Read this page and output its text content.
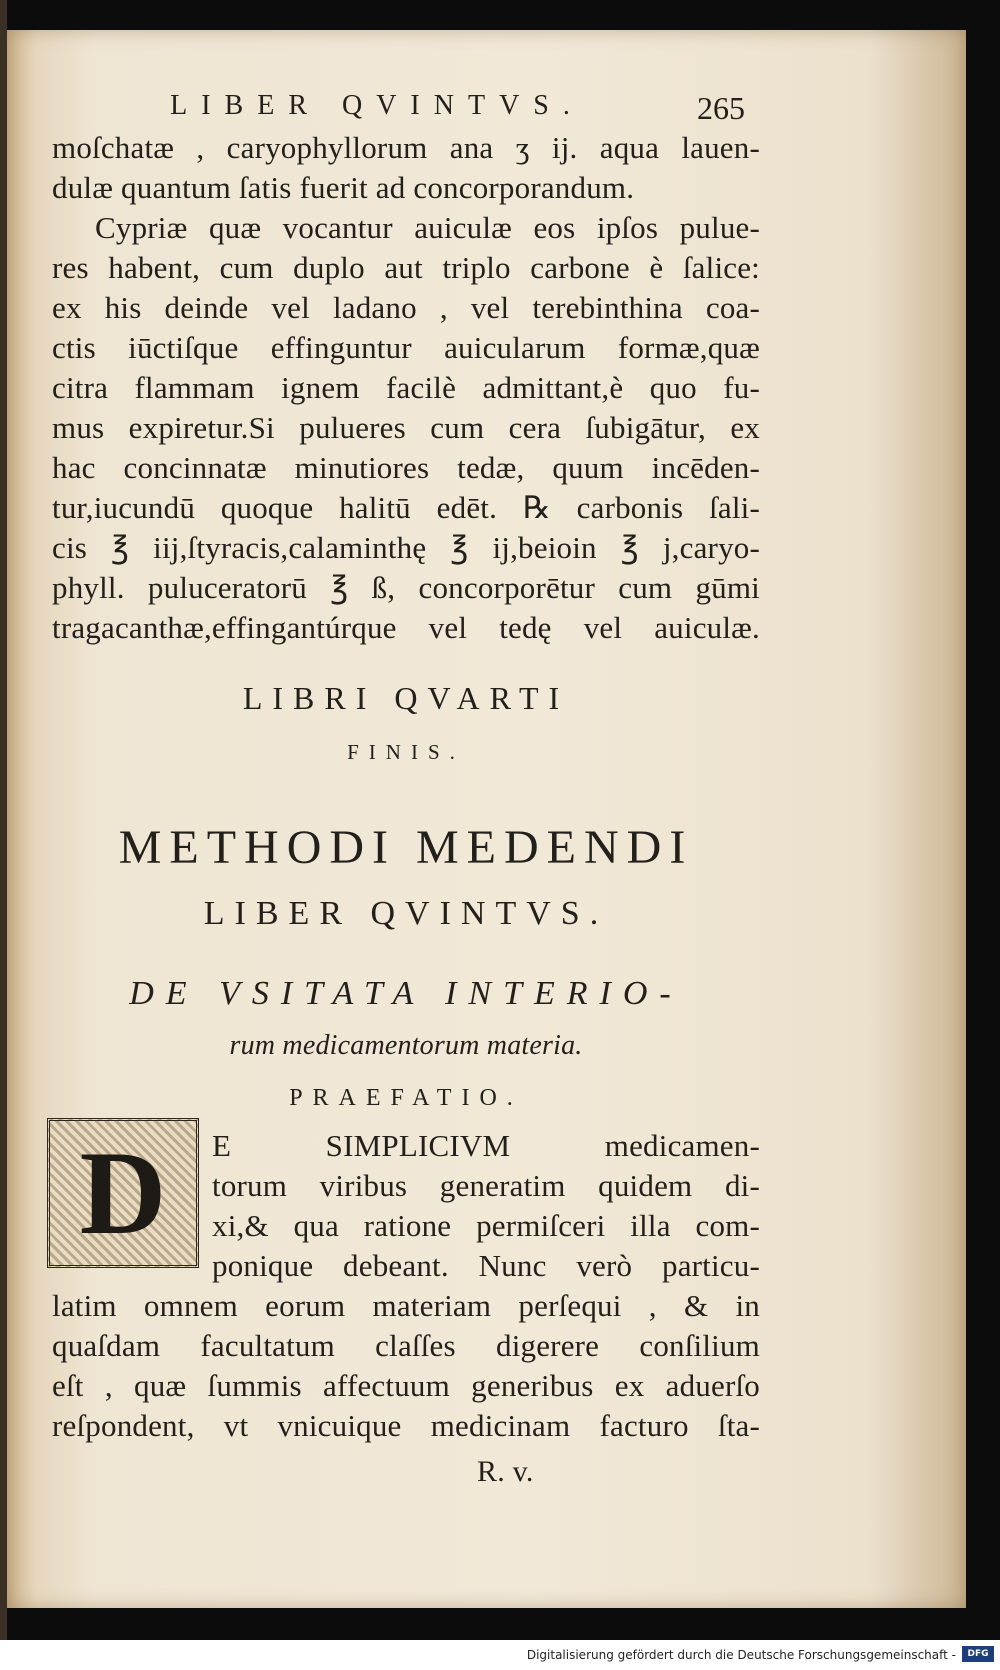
LIBER QVINTVS.	265
moſchatæ , caryophyllorum ana ʒ ij. aqua lauen-
dulæ quantum ſatis fuerit ad concorporandum.
Cypriæ quæ vocantur auiculæ eos ipſos pulue-
res habent, cum duplo aut triplo carbone è ſalice:
ex his deinde vel ladano , vel terebinthina coa-
ctis iūctiſque effinguntur auicularum formæ,quæ
citra flammam ignem facilè admittant,è quo fu-
mus expiretur.Si pulueres cum cera ſubigātur, ex
hac concinnatæ minutiores tedæ, quum incēden-
tur,iucundū quoque halitū edēt. ℞ carbonis ſali-
cis ℥ iij,ſtyracis,calaminthę ℥ ij,beioin ℥ j,caryo-
phyll. puluceratorū ℥ ß, concorporētur cum gūmi
tragacanthæ,effingantúrque vel tedę vel auiculæ.
LIBRI QVARTI
FINIS.
METHODI MEDENDI
LIBER QVINTVS.
DE VSITATA INTERIO-
rum medicamentorum materia.
PRAEFATIO.
D	E SIMPLICIVM medicamen-
torum viribus generatim quidem di-
xi,& qua ratione permiſceri illa com-
ponique debeant. Nunc verò particu-
latim omnem eorum materiam perſequi , & in
quaſdam facultatum claſſes digerere conſilium
eſt , quæ ſummis affectuum generibus ex aduerſo
reſpondent, vt vnicuique medicinam facturo ſta-
R. v.
Digitalisierung gefördert durch die Deutsche Forschungsgemeinschaft -	DFG
